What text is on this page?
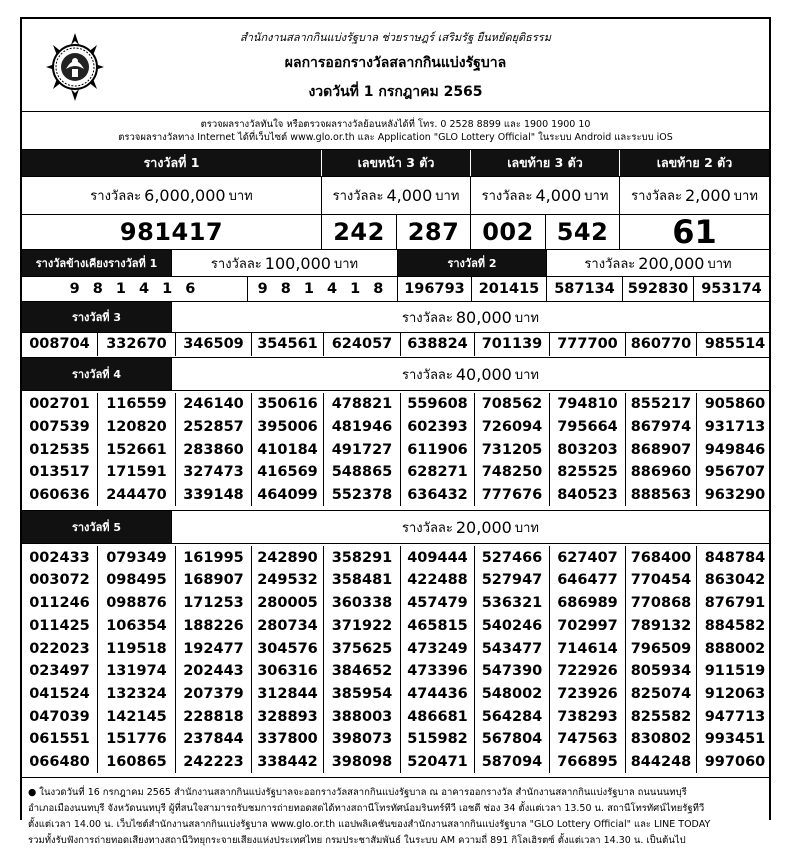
สำนักงานสลากกินแบ่งรัฐบาล ช่วยราษฎร์ เสริมรัฐ ยืนหยัดยุติธรรม
ผลการออกรางวัลสลากกินแบ่งรัฐบาล
งวดวันที่ 1 กรกฎาคม 2565
ตรวจผลรางวัลทันใจ หรือตรวจผลรางวัลย้อนหลังได้ที่ โทร. 0 2528 8899 และ 1900 1900 10
ตรวจผลรางวัลทาง Internet ได้ที่เว็บไซต์ www.glo.or.th และ Application "GLO Lottery Official" ในระบบ Android และระบบ iOS
รางวัลที่ 1	เลขหน้า 3 ตัว	เลขท้าย 3 ตัว	เลขท้าย 2 ตัว
รางวัลละ 6,000,000 บาท	รางวัลละ 4,000 บาท รางวัลละ 4,000 บาท รางวัลละ 2,000 บาท
981417	242 287 002 542	61
รางวัลข้างเคียงรางวัลที่ 1	รางวัลละ 100,000 บาท	รางวัลที่ 2	รางวัลละ 200,000 บาท
9 8 1 4 1 6	9 8 1 4 1 8	196793 201415	587134 592830 953174
รางวัลที่ 3	รางวัลละ 80,000 บาท
008704	332670	346509 354561 624057	638824 701139	777700 860770 985514
รางวัลที่ 4	รางวัลละ 40,000 บาท
002701	116559	246140 350616 478821	559608 708562	794810 855217 905860
007539	120820	252857 395006 481946	602393 726094	795664 867974 931713
012535	152661	283860 410184 491727	611906 731205	803203 868907 949846
013517	171591	327473 416569 548865	628271 748250	825525 886960 956707
060636	244470	339148 464099 552378	636432 777676	840523 888563 963290
รางวัลที่ 5	รางวัลละ 20,000 บาท
002433	079349	161995 242890 358291	409444 527466	627407 768400 848784
003072	098495	168907 249532 358481	422488 527947	646477 770454 863042
011246	098876	171253 280005 360338	457479 536321	686989 770868 876791
011425	106354	188226 280734 371922	465815 540246	702997 789132 884582
022023	119518	192477 304576 375625	473249 543477	714614 796509 888002
023497	131974	202443 306316 384652	473396 547390	722926 805934 911519
041524	132324	207379 312844 385954	474436 548002	723926 825074 912063
047039	142145	228818 328893 388003	486681 564284	738293 825582 947713
061551	151776	237844 337800 398073	515982 567804	747563 830802 993451
066480	160865	242223 338442 398098	520471 587094	766895 844248 997060
● ในงวดวันที่ 16 กรกฎาคม 2565 สำนักงานสลากกินแบ่งรัฐบาลจะออกรางวัลสลากกินแบ่งรัฐบาล ณ อาคารออกรางวัล สำนักงานสลากกินแบ่งรัฐบาล ถนนนนทบุรี
อำเภอเมืองนนทบุรี จังหวัดนนทบุรี ผู้ที่สนใจสามารถรับชมการถ่ายทอดสดได้ทางสถานีโทรทัศน์อมรินทร์ทีวี เอชดี ช่อง 34 ตั้งแต่เวลา 13.50 น. สถานีโทรทัศน์ไทยรัฐทีวี
ตั้งแต่เวลา 14.00 น. เว็บไซต์สำนักงานสลากกินแบ่งรัฐบาล www.glo.or.th แอปพลิเคชันของสำนักงานสลากกินแบ่งรัฐบาล "GLO Lottery Official" และ LINE TODAY
รวมทั้งรับฟังการถ่ายทอดเสียงทางสถานีวิทยุกระจายเสียงแห่งประเทศไทย กรมประชาสัมพันธ์ ในระบบ AM ความถี่ 891 กิโลเฮิรตซ์ ตั้งแต่เวลา 14.30 น. เป็นต้นไป
